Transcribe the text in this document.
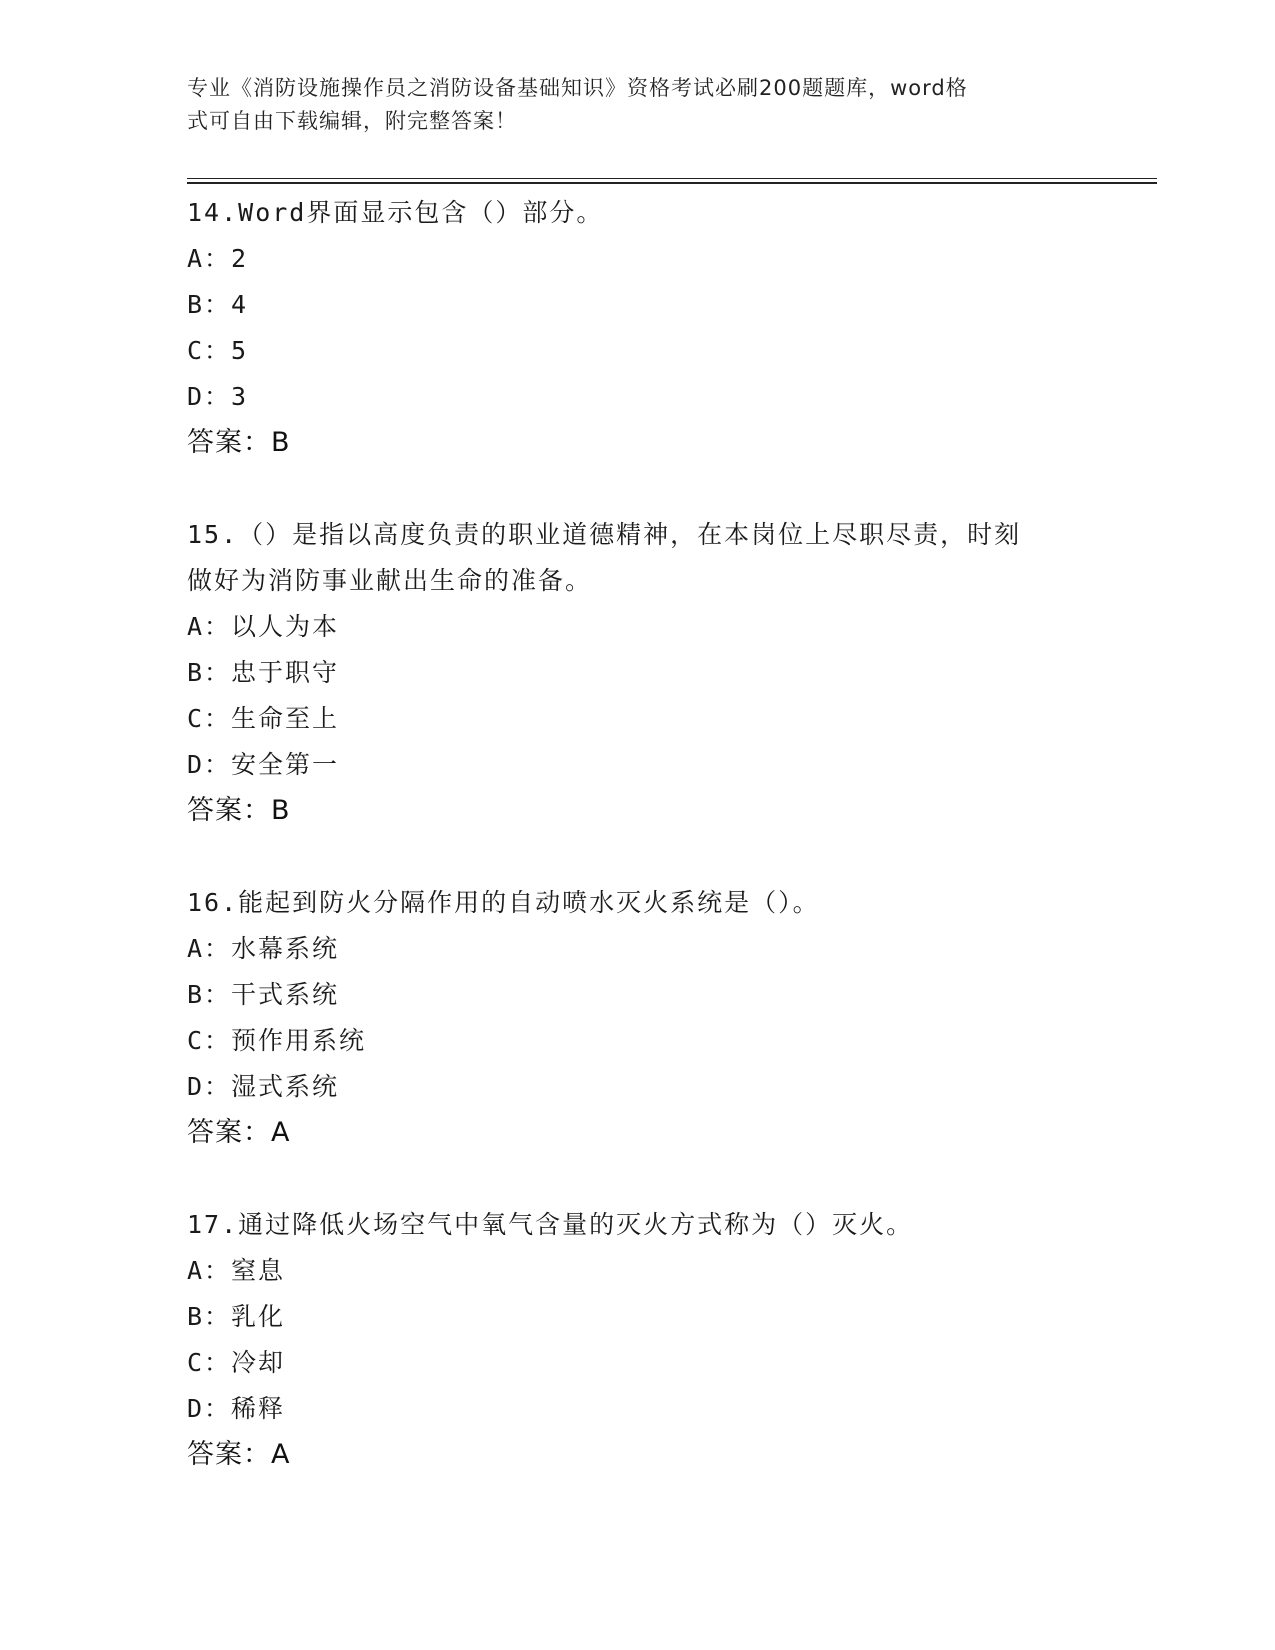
专业《消防设施操作员之消防设备基础知识》资格考试必刷200题题库，word格
式可自由下载编辑，附完整答案！
14.Word界面显示包含（）部分。
A：2
B：4
C：5
D：3
答案：B
15.（）是指以高度负责的职业道德精神，在本岗位上尽职尽责，时刻
做好为消防事业献出生命的准备。
A：以人为本
B：忠于职守
C：生命至上
D：安全第一
答案：B
16.能起到防火分隔作用的自动喷水灭火系统是（）。
A：水幕系统
B：干式系统
C：预作用系统
D：湿式系统
答案：A
17.通过降低火场空气中氧气含量的灭火方式称为（）灭火。
A：窒息
B：乳化
C：冷却
D：稀释
答案：A
